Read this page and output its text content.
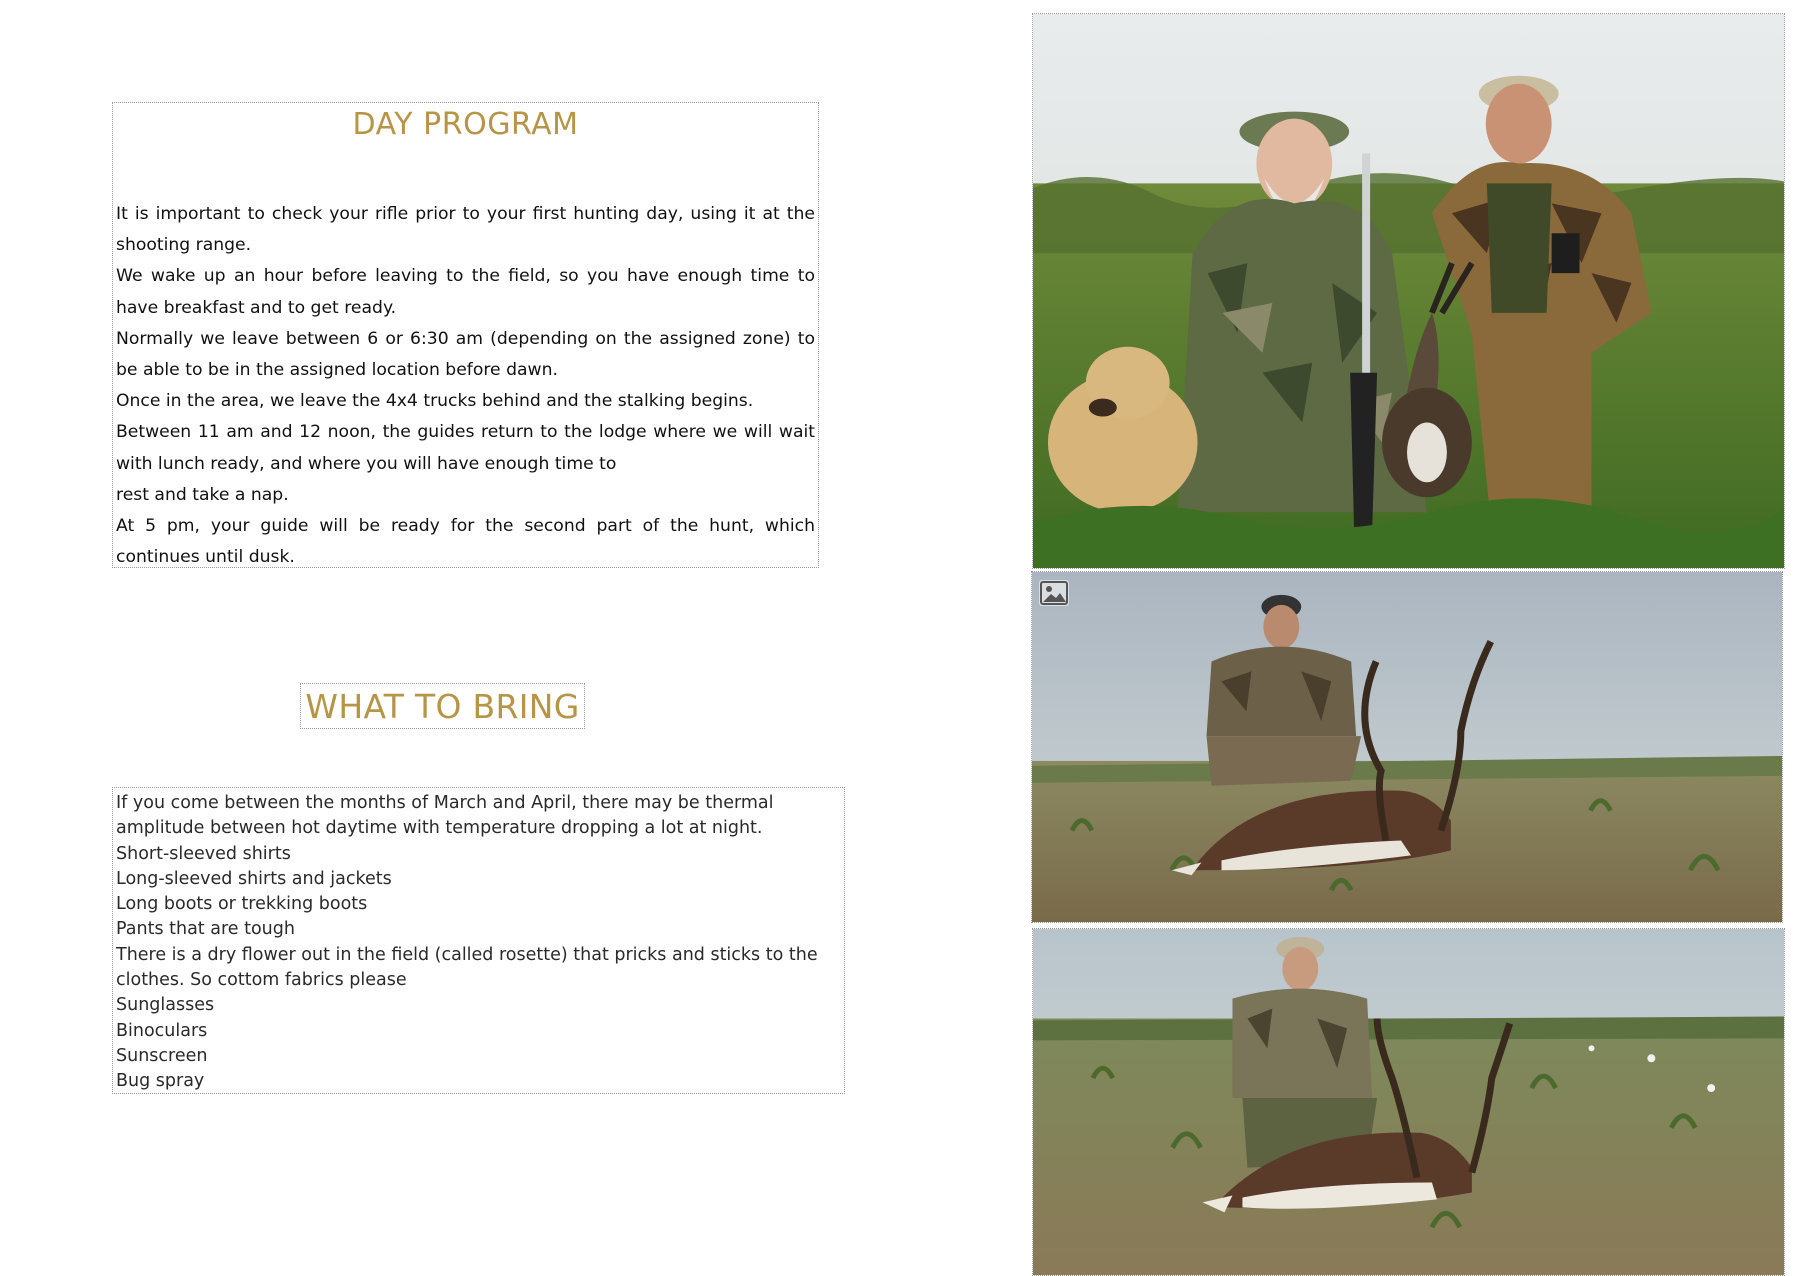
DAY PROGRAM

It is important to check your rifle prior to your first hunting day, using it at the shooting range.

We wake up an hour before leaving to the field, so you have enough time to have breakfast and to get ready.

Normally we leave between 6 or 6:30 am (depending on the assigned zone) to be able to be in the assigned location before dawn.

Once in the area, we leave the 4x4 trucks behind and the stalking begins.

Between 11 am and 12 noon, the guides return to the lodge where we will wait with lunch ready, and where you will have enough time to

rest and take a nap.

At 5 pm, your guide will be ready for the second part of the hunt, which continues until dusk.

WHAT TO BRING
If you come between the months of March and April, there may be thermal amplitude between hot daytime with temperature dropping a lot at night.
Short-sleeved shirts
Long-sleeved shirts and jackets
Long boots or trekking boots
Pants that are tough
There is a dry flower out in the field (called rosette) that pricks and sticks to the clothes. So cottom fabrics please
Sunglasses
Binoculars
Sunscreen
Bug spray
